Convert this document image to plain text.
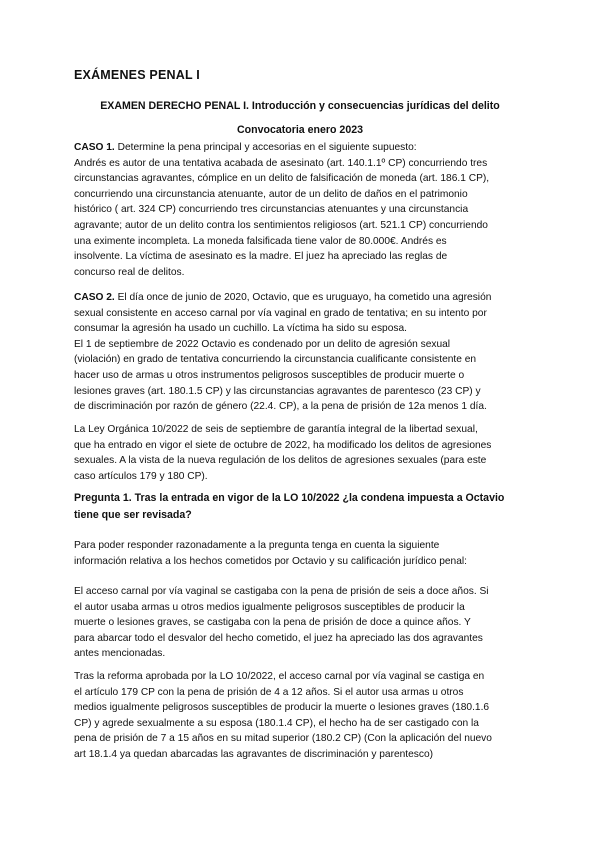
EXÁMENES PENAL I
EXAMEN DERECHO PENAL I. Introducción y consecuencias jurídicas del delito
Convocatoria enero 2023

CASO 1. Determine la pena principal y accesorias en el siguiente supuesto:

Andrés es autor de una tentativa acabada de asesinato (art. 140.1.1º CP) concurriendo tres

circunstancias agravantes, cómplice en un delito de falsificación de moneda (art. 186.1 CP),

concurriendo una circunstancia atenuante, autor de un delito de daños en el patrimonio

histórico ( art. 324 CP) concurriendo tres circunstancias atenuantes y una circunstancia

agravante; autor de un delito contra los sentimientos religiosos (art. 521.1 CP) concurriendo

una eximente incompleta. La moneda falsificada tiene valor de 80.000€. Andrés es

insolvente. La víctima de asesinato es la madre. El juez ha apreciado las reglas de

concurso real de delitos.

CASO 2. El día once de junio de 2020, Octavio, que es uruguayo, ha cometido una agresión

sexual consistente en acceso carnal por vía vaginal en grado de tentativa; en su intento por

consumar la agresión ha usado un cuchillo. La víctima ha sido su esposa.

El 1 de septiembre de 2022 Octavio es condenado por un delito de agresión sexual

(violación) en grado de tentativa concurriendo la circunstancia cualificante consistente en

hacer uso de armas u otros instrumentos peligrosos susceptibles de producir muerte o

lesiones graves (art. 180.1.5 CP) y las circunstancias agravantes de parentesco (23 CP) y

de discriminación por razón de género (22.4. CP), a la pena de prisión de 12a menos 1 día.

La Ley Orgánica 10/2022 de seis de septiembre de garantía integral de la libertad sexual,

que ha entrado en vigor el siete de octubre de 2022, ha modificado los delitos de agresiones

sexuales. A la vista de la nueva regulación de los delitos de agresiones sexuales (para este

caso artículos 179 y 180 CP).

Pregunta 1. Tras la entrada en vigor de la LO 10/2022 ¿la condena impuesta a Octavio

tiene que ser revisada?

Para poder responder razonadamente a la pregunta tenga en cuenta la siguiente

información relativa a los hechos cometidos por Octavio y su calificación jurídico penal:

El acceso carnal por vía vaginal se castigaba con la pena de prisión de seis a doce años. Si

el autor usaba armas u otros medios igualmente peligrosos susceptibles de producir la

muerte o lesiones graves, se castigaba con la pena de prisión de doce a quince años. Y

para abarcar todo el desvalor del hecho cometido, el juez ha apreciado las dos agravantes

antes mencionadas.

Tras la reforma aprobada por la LO 10/2022, el acceso carnal por vía vaginal se castiga en

el artículo 179 CP con la pena de prisión de 4 a 12 años. Si el autor usa armas u otros

medios igualmente peligrosos susceptibles de producir la muerte o lesiones graves (180.1.6

CP) y agrede sexualmente a su esposa (180.1.4 CP), el hecho ha de ser castigado con la

pena de prisión de 7 a 15 años en su mitad superior (180.2 CP) (Con la aplicación del nuevo

art 18.1.4 ya quedan abarcadas las agravantes de discriminación y parentesco)
